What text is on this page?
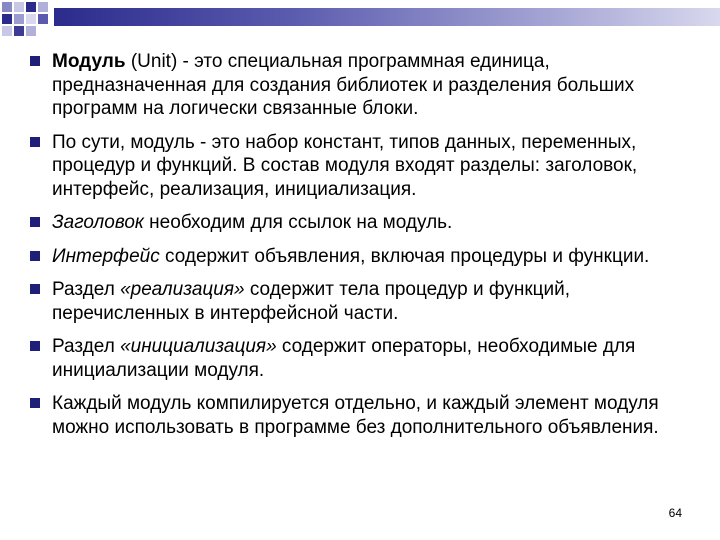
Модуль (Unit) - это специальная программная единица, предназначенная для создания библиотек и разделения больших программ на логически связанные блоки.
По сути, модуль - это набор констант, типов данных, переменных, процедур и функций. В состав модуля входят разделы: заголовок, интерфейс, реализация, инициализация.
Заголовок необходим для ссылок на модуль.
Интерфейс содержит объявления, включая процедуры и функции.
Раздел «реализация» содержит тела процедур и функций, перечисленных в интерфейсной части.
Раздел «инициализация» содержит операторы, необходимые для инициализации модуля.
Каждый модуль компилируется отдельно, и каждый элемент модуля можно использовать в программе без дополнительного объявления.
64
